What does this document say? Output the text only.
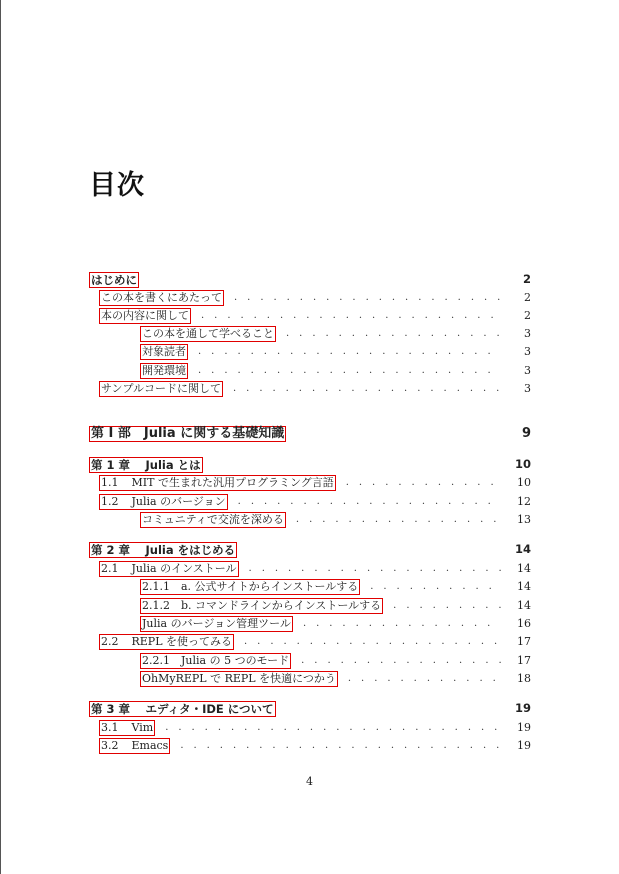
目次
はじめに	2
この本を書くにあたって . . .	2
本の内容に関して . . .	2
この本を通して学べること . . .	3
対象読者 . . .	3
開発環境 . . .	3
サンプルコードに関して . . .	3
第 I 部　Julia に関する基礎知識	9
第 1 章　 Julia とは	10
1.1 MIT で生まれた汎用プログラミング言語 . . .	10
1.2 Julia のバージョン . . .	12
コミュニティで交流を深める . . .	13
第 2 章　 Julia をはじめる	14
2.1 Julia のインストール . . .	14
2.1.1　a. 公式サイトからインストールする . . .	14
2.1.2　b. コマンドラインからインストールする . . .	14
Julia のバージョン管理ツール . . .	16
2.2 REPL を使ってみる . . .	17
2.2.1　Julia の 5 つのモード . . .	17
OhMyREPL で REPL を快適につかう . . .	18
第 3 章　 エディタ・IDE について	19
3.1 Vim . . .	19
3.2 Emacs . . .	19
4
